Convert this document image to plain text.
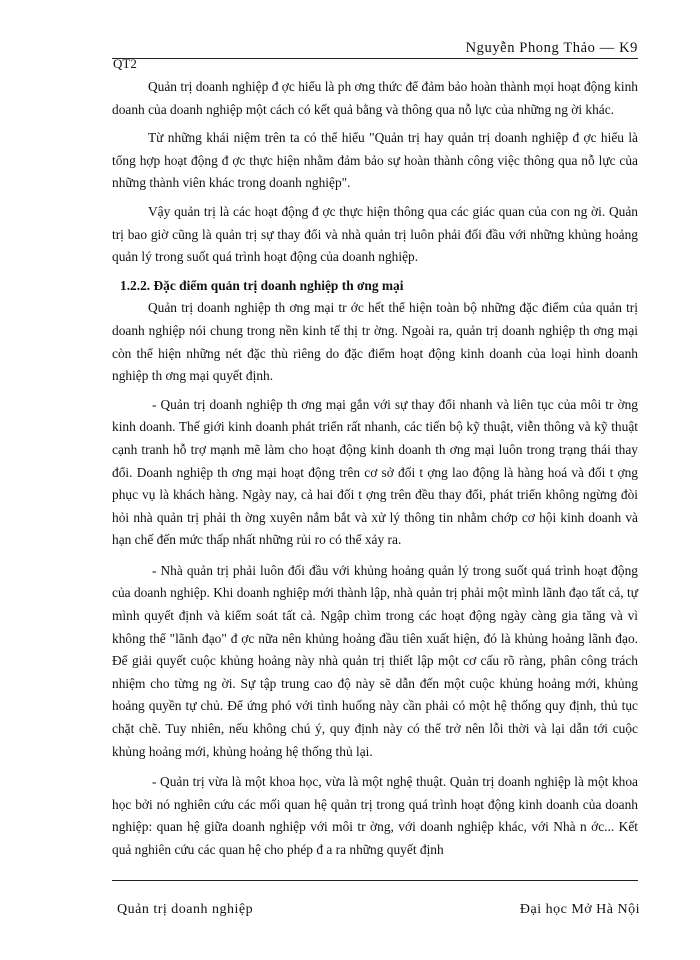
Nguyễn Phong Thảo — K9
QT2

Quản trị doanh nghiệp đ ợc hiểu là ph ơng thức để đảm bảo hoàn thành mọi hoạt động kinh doanh của doanh nghiệp một cách có kết quả bằng và thông qua nỗ lực của những ng ời khác.

Từ những khái niệm trên ta có thể hiểu "Quản trị hay quản trị doanh nghiệp đ ợc hiểu là tổng hợp hoạt động đ ợc thực hiện nhằm đảm bảo sự hoàn thành công việc thông qua nỗ lực của những thành viên khác trong doanh nghiệp".

Vậy quản trị là các hoạt động đ ợc thực hiện thông qua các giác quan của con ng ời. Quản trị bao giờ cũng là quản trị sự thay đổi và nhà quản trị luôn phải đối đầu với những khủng hoảng quản lý trong suốt quá trình hoạt động của doanh nghiệp.

1.2.2. Đặc điểm quản trị doanh nghiệp th ơng mại

Quản trị doanh nghiệp th ơng mại tr ớc hết thể hiện toàn bộ những đặc điểm của quản trị doanh nghiệp nói chung trong nền kinh tế thị tr ờng. Ngoài ra, quản trị doanh nghiệp th ơng mại còn thể hiện những nét đặc thù riêng do đặc điểm hoạt động kinh doanh của loại hình doanh nghiệp th ơng mại quyết định.

- Quản trị doanh nghiệp th ơng mại gắn với sự thay đổi nhanh và liên tục của môi tr ờng kinh doanh. Thế giới kinh doanh phát triển rất nhanh, các tiến bộ kỹ thuật, viễn thông và kỹ thuật cạnh tranh hỗ trợ mạnh mẽ làm cho hoạt động kinh doanh th ơng mại luôn trong trạng thái thay đổi. Doanh nghiệp th ơng mại hoạt động trên cơ sở đối t ợng lao động là hàng hoá và đối t ợng phục vụ là khách hàng. Ngày nay, cả hai đối t ợng trên đều thay đổi, phát triển không ngừng đòi hỏi nhà quản trị phải th ờng xuyên nắm bắt và xử lý thông tin nhằm chớp cơ hội kinh doanh và hạn chế đến mức thấp nhất những rủi ro có thể xảy ra.

- Nhà quản trị phải luôn đối đầu với khủng hoảng quản lý trong suốt quá trình hoạt động của doanh nghiệp. Khi doanh nghiệp mới thành lập, nhà quản trị phải một mình lãnh đạo tất cả, tự mình quyết định và kiểm soát tất cả. Ngập chìm trong các hoạt động ngày càng gia tăng và vì không thể "lãnh đạo" đ ợc nữa nên khủng hoảng đầu tiên xuất hiện, đó là khủng hoảng lãnh đạo. Để giải quyết cuộc khủng hoảng này nhà quản trị thiết lập một cơ cấu rõ ràng, phân công trách nhiệm cho từng ng ời. Sự tập trung cao độ này sẽ dẫn đến một cuộc khủng hoảng mới, khủng hoảng quyền tự chủ. Để ứng phó với tình huống này cần phải có một hệ thống quy định, thủ tục chặt chẽ. Tuy nhiên, nếu không chú ý, quy định này có thể trở nên lỗi thời và lại dẫn tới cuộc khủng hoảng mới, khủng hoảng hệ thống thủ lại.

- Quản trị vừa là một khoa học, vừa là một nghệ thuật. Quản trị doanh nghiệp là một khoa học bởi nó nghiên cứu các mối quan hệ quản trị trong quá trình hoạt động kinh doanh của doanh nghiệp: quan hệ giữa doanh nghiệp với môi tr ờng, với doanh nghiệp khác, với Nhà n ớc... Kết quả nghiên cứu các quan hệ cho phép đ a ra những quyết định

Quản trị doanh nghiệp	Đại học Mở Hà Nội
